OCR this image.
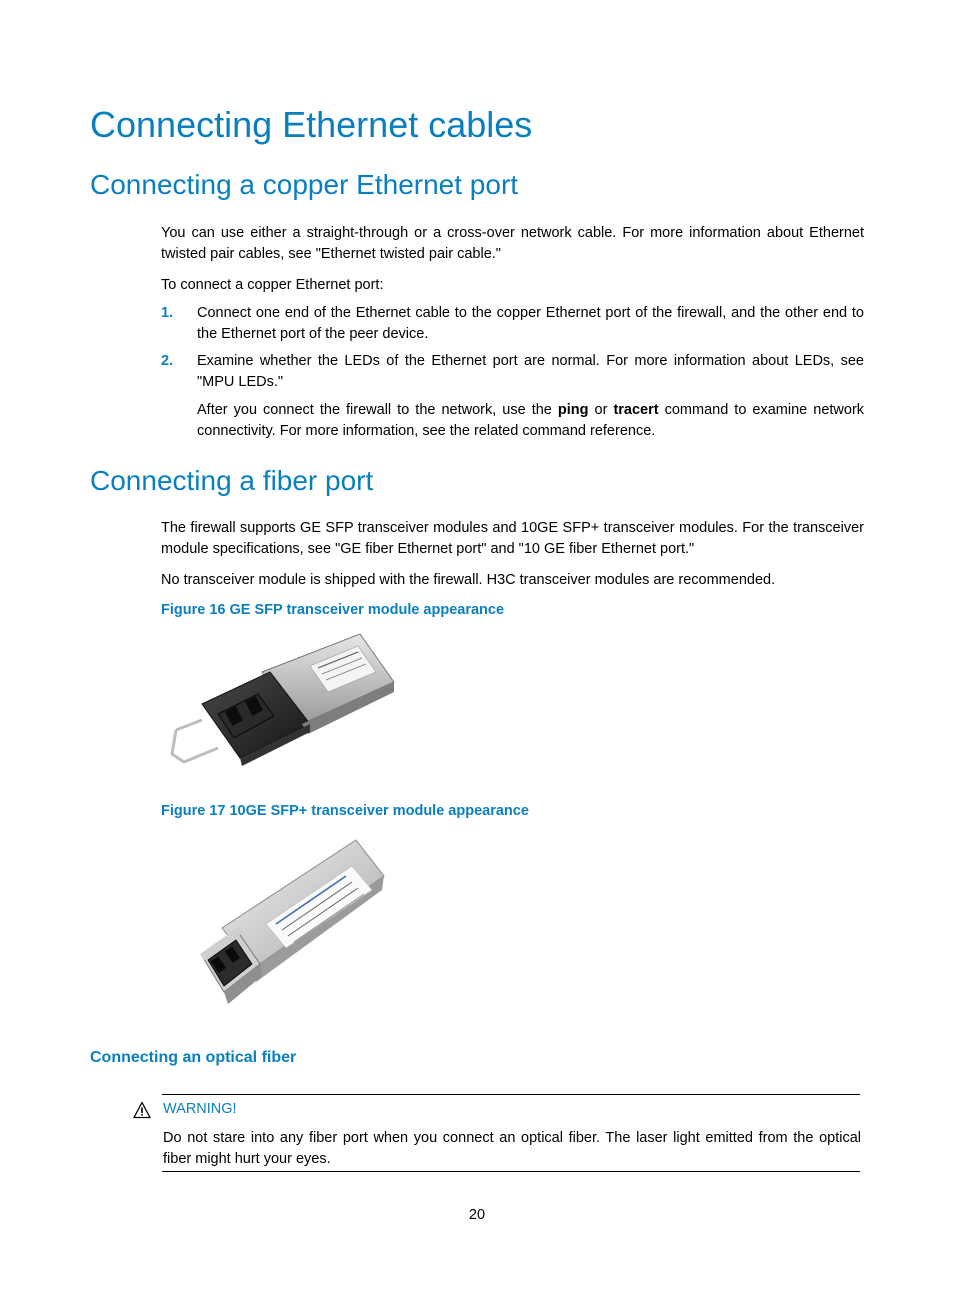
Connecting Ethernet cables
Connecting a copper Ethernet port

You can use either a straight-through or a cross-over network cable. For more information about Ethernet twisted pair cables, see "Ethernet twisted pair cable."

To connect a copper Ethernet port:

1. Connect one end of the Ethernet cable to the copper Ethernet port of the firewall, and the other end to the Ethernet port of the peer device.
2. Examine whether the LEDs of the Ethernet port are normal. For more information about LEDs, see "MPU LEDs."

After you connect the firewall to the network, use the ping or tracert command to examine network connectivity. For more information, see the related command reference.

Connecting a fiber port

The firewall supports GE SFP transceiver modules and 10GE SFP+ transceiver modules. For the transceiver module specifications, see "GE fiber Ethernet port" and "10 GE fiber Ethernet port."

No transceiver module is shipped with the firewall. H3C transceiver modules are recommended.

Figure 16 GE SFP transceiver module appearance

Figure 17 10GE SFP+ transceiver module appearance

Connecting an optical fiber

WARNING!

Do not stare into any fiber port when you connect an optical fiber. The laser light emitted from the optical fiber might hurt your eyes.

20
